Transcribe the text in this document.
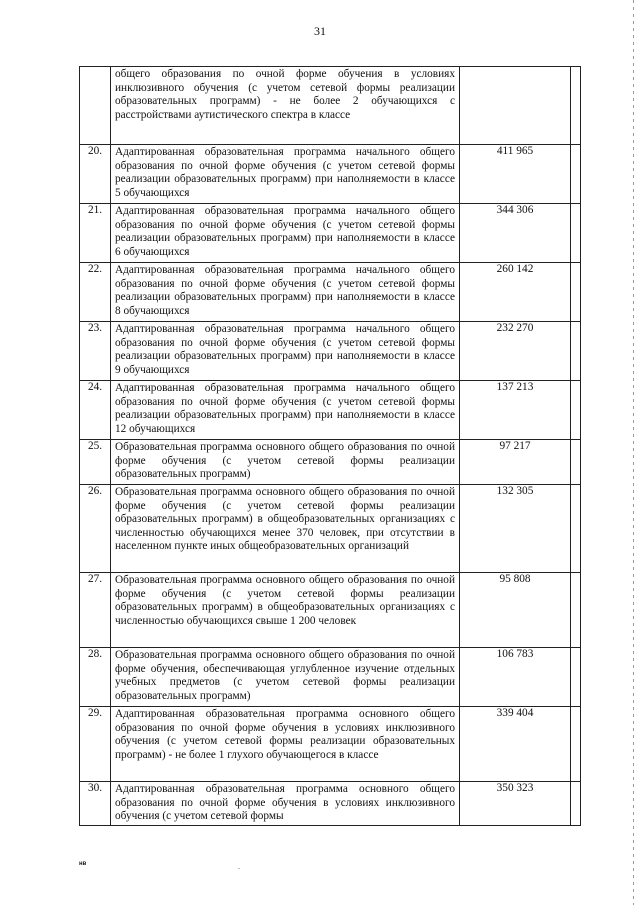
31
	общего образования по очной форме обучения в условиях инклюзивного обучения (с учетом сетевой формы реализации образовательных программ) - не более 2 обучающихся с расстройствами аутистического спектра в классе		
20.	Адаптированная образовательная программа начального общего образования по очной форме обучения (с учетом сетевой формы реализации образовательных программ) при наполняемости в классе 5 обучающихся	411 965	
21.	Адаптированная образовательная программа начального общего образования по очной форме обучения (с учетом сетевой формы реализации образовательных программ) при наполняемости в классе 6 обучающихся	344 306	
22.	Адаптированная образовательная программа начального общего образования по очной форме обучения (с учетом сетевой формы реализации образовательных программ) при наполняемости в классе 8 обучающихся	260 142	
23.	Адаптированная образовательная программа начального общего образования по очной форме обучения (с учетом сетевой формы реализации образовательных программ) при наполняемости в классе 9 обучающихся	232 270	
24.	Адаптированная образовательная программа начального общего образования по очной форме обучения (с учетом сетевой формы реализации образовательных программ) при наполняемости в классе 12 обучающихся	137 213	
25.	Образовательная программа основного общего образования по очной форме обучения (с учетом сетевой формы реализации образовательных программ)	97 217	
26.	Образовательная программа основного общего образования по очной форме обучения (с учетом сетевой формы реализации образовательных программ) в общеобразовательных организациях с численностью обучающихся менее 370 человек, при отсутствии в населенном пункте иных общеобразовательных организаций	132 305	
27.	Образовательная программа основного общего образования по очной форме обучения (с учетом сетевой формы реализации образовательных программ) в общеобразовательных организациях с численностью обучающихся свыше 1 200 человек	95 808	
28.	Образовательная программа основного общего образования по очной форме обучения, обеспечивающая углубленное изучение отдельных учебных предметов (с учетом сетевой формы реализации образовательных программ)	106 783	
29.	Адаптированная образовательная программа основного общего образования по очной форме обучения в условиях инклюзивного обучения (с учетом сетевой формы реализации образовательных программ) - не более 1 глухого обучающегося в классе	339 404	
30.	Адаптированная образовательная программа основного общего образования по очной форме обучения в условиях инклюзивного обучения (с учетом сетевой формы	350 323	
нв	.
